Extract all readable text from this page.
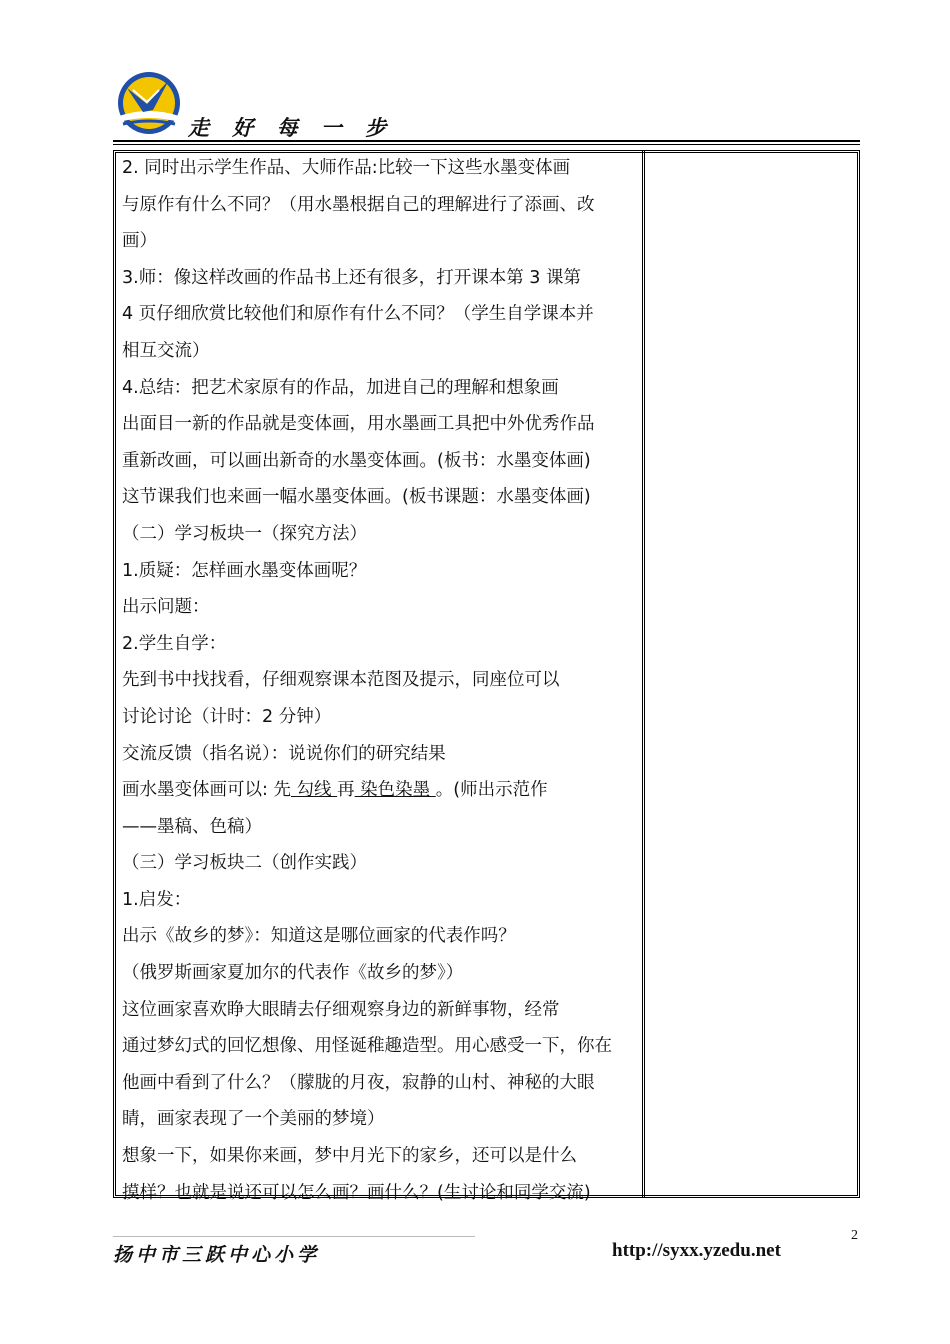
走 好 每 一 步

2. 同时出示学生作品、大师作品:比较一下这些水墨变体画

与原作有什么不同？（用水墨根据自己的理解进行了添画、改

画）

3.师：像这样改画的作品书上还有很多，打开课本第 3 课第

4 页仔细欣赏比较他们和原作有什么不同？（学生自学课本并

相互交流）

4.总结：把艺术家原有的作品，加进自己的理解和想象画

出面目一新的作品就是变体画，用水墨画工具把中外优秀作品

重新改画，可以画出新奇的水墨变体画。(板书：水墨变体画)

这节课我们也来画一幅水墨变体画。(板书课题：水墨变体画)

（二）学习板块一（探究方法）

1.质疑：怎样画水墨变体画呢？

出示问题：

2.学生自学：

先到书中找找看，仔细观察课本范图及提示，同座位可以

讨论讨论（计时：2 分钟）

交流反馈（指名说）：说说你们的研究结果

画水墨变体画可以: 先 勾线 再 染色染墨 。(师出示范作

——墨稿、色稿）

（三）学习板块二（创作实践）

1.启发：

出示《故乡的梦》：知道这是哪位画家的代表作吗？

（俄罗斯画家夏加尔的代表作《故乡的梦》）

这位画家喜欢睁大眼睛去仔细观察身边的新鲜事物，经常

通过梦幻式的回忆想像、用怪诞稚趣造型。用心感受一下，你在

他画中看到了什么？（朦胧的月夜，寂静的山村、神秘的大眼

睛，画家表现了一个美丽的梦境）

想象一下，如果你来画，梦中月光下的家乡，还可以是什么

摸样？也就是说还可以怎么画？画什么？(生讨论和同学交流)

扬中市三跃中心小学	http://syxx.yzedu.net
2
